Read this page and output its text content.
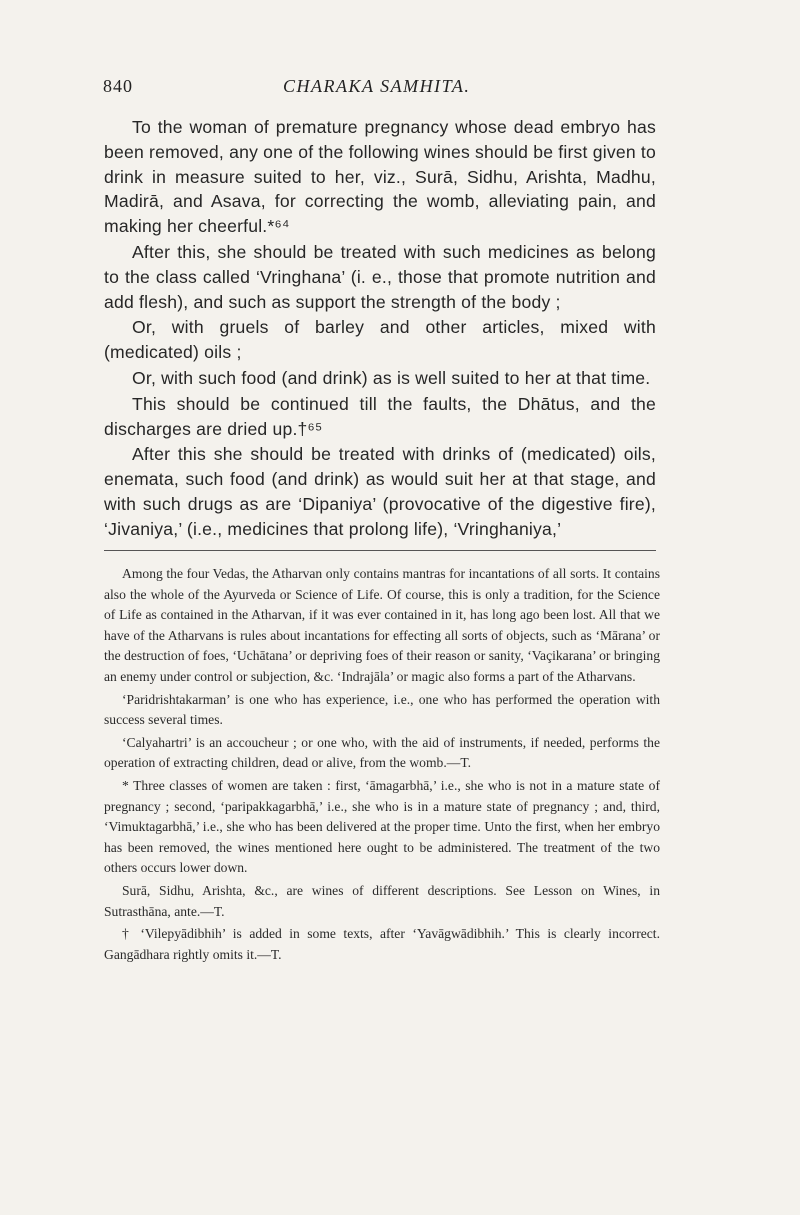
840	CHARAKA SAMHITA.

To the woman of premature pregnancy whose dead embryo has been removed, any one of the following wines should be first given to drink in measure suited to her, viz., Surā, Sidhu, Arishta, Madhu, Madirā, and Asava, for correcting the womb, alleviating pain, and making her cheerful.*⁶⁴

After this, she should be treated with such medicines as belong to the class called ‘Vringhana’ (i. e., those that promote nutrition and add flesh), and such as support the strength of the body ;

Or, with gruels of barley and other articles, mixed with (medicated) oils ;

Or, with such food (and drink) as is well suited to her at that time.

This should be continued till the faults, the Dhātus, and the discharges are dried up.†⁶⁵

After this she should be treated with drinks of (medicated) oils, enemata, such food (and drink) as would suit her at that stage, and with such drugs as are ‘Dipaniya’ (provocative of the digestive fire), ‘Jivaniya,’ (i.e., medicines that prolong life), ‘Vringhaniya,’

Among the four Vedas, the Atharvan only contains mantras for incantations of all sorts. It contains also the whole of the Ayurveda or Science of Life. Of course, this is only a tradition, for the Science of Life as contained in the Atharvan, if it was ever contained in it, has long ago been lost. All that we have of the Atharvans is rules about incantations for effecting all sorts of objects, such as ‘Mārana’ or the destruction of foes, ‘Uchātana’ or depriving foes of their reason or sanity, ‘Vaçikarana’ or bringing an enemy under control or subjection, &c. ‘Indrajāla’ or magic also forms a part of the Atharvans.

‘Paridrishtakarman’ is one who has experience, i.e., one who has performed the operation with success several times.

‘Calyahartri’ is an accoucheur ; or one who, with the aid of instruments, if needed, performs the operation of extracting children, dead or alive, from the womb.—T.

* Three classes of women are taken : first, ‘āmagarbhā,’ i.e., she who is not in a mature state of pregnancy ; second, ‘paripakkagarbhā,’ i.e., she who is in a mature state of pregnancy ; and, third, ‘Vimuktagarbhā,’ i.e., she who has been delivered at the proper time. Unto the first, when her embryo has been removed, the wines mentioned here ought to be administered. The treatment of the two others occurs lower down.

Surā, Sidhu, Arishta, &c., are wines of different descriptions. See Lesson on Wines, in Sutrasthāna, ante.—T.

† ‘Vilepyādibhih’ is added in some texts, after ‘Yavāgwādibhih.’ This is clearly incorrect. Gangādhara rightly omits it.—T.
